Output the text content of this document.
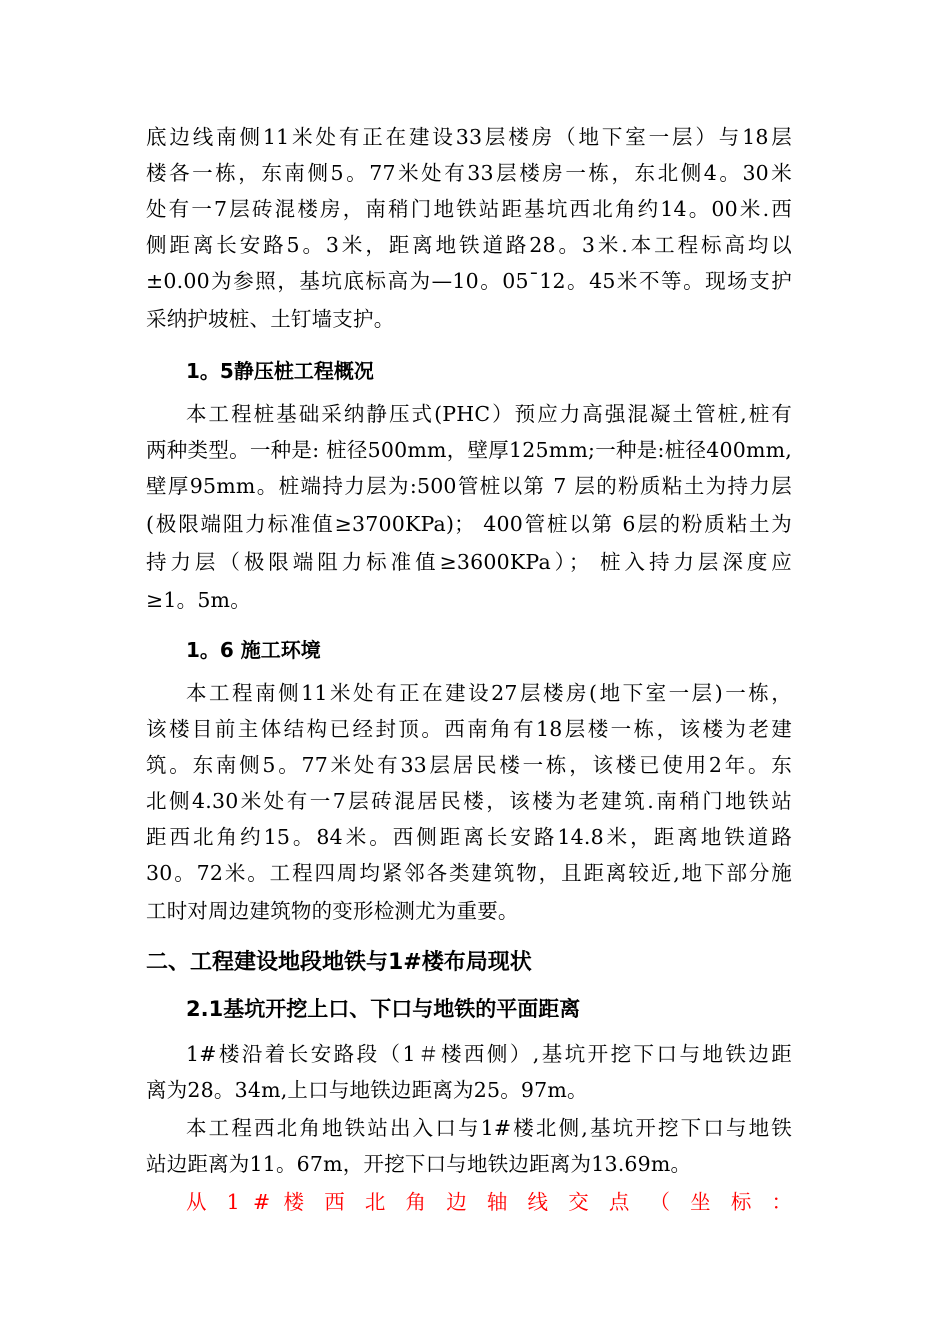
底边线南侧11米处有正在建设33层楼房（地下室一层）与18层
楼各一栋，东南侧5。77米处有33层楼房一栋，东北侧4。30米
处有一7层砖混楼房，南稍门地铁站距基坑西北角约14。00米.西
侧距离长安路5。3米，距离地铁道路28。3米.本工程标高均以
±0.00为参照，基坑底标高为—10。05¯12。45米不等。现场支护
采纳护坡桩、土钉墙支护。
1。5静压桩工程概况
本工程桩基础采纳静压式(PHC）预应力高强混凝土管桩,桩有
两种类型。一种是: 桩径500mm，壁厚125mm;一种是:桩径400mm,
壁厚95mm。桩端持力层为:500管桩以第 7 层的粉质粘土为持力层
(极限端阻力标准值≥3700KPa)； 400管桩以第 6层的粉质粘土为
持力层（极限端阻力标准值≥3600KPa）； 桩入持力层深度应
≥1。5m。
1。6 施工环境
本工程南侧11米处有正在建设27层楼房(地下室一层)一栋，
该楼目前主体结构已经封顶。西南角有18层楼一栋，该楼为老建
筑。东南侧5。77米处有33层居民楼一栋，该楼已使用2年。东
北侧4.30米处有一7层砖混居民楼，该楼为老建筑.南稍门地铁站
距西北角约15。84米。西侧距离长安路14.8米，距离地铁道路
30。72米。工程四周均紧邻各类建筑物，且距离较近,地下部分施
工时对周边建筑物的变形检测尤为重要。
二、工程建设地段地铁与1#楼布局现状
2.1基坑开挖上口、下口与地铁的平面距离
1#楼沿着长安路段（1＃楼西侧）,基坑开挖下口与地铁边距
离为28。34m,上口与地铁边距离为25。97m。
本工程西北角地铁站出入口与1#楼北侧,基坑开挖下口与地铁
站边距离为11。67m，开挖下口与地铁边距离为13.69m。
从 1 # 楼 西 北 角 边 轴 线 交 点 （ 坐 标 ：
